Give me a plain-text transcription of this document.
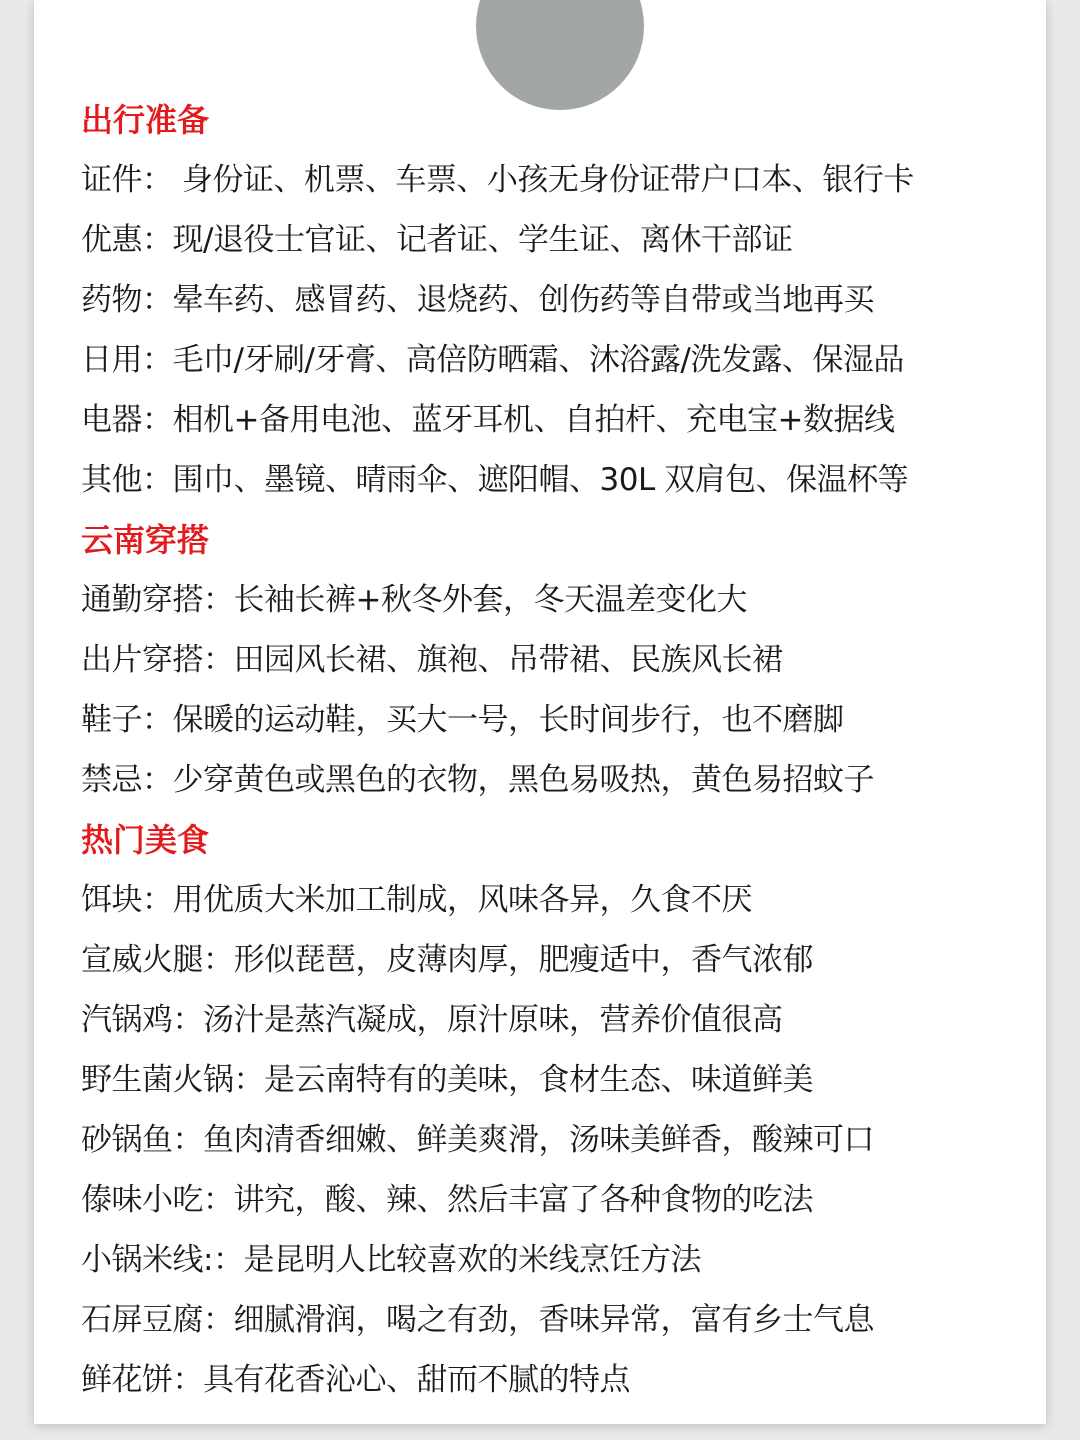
出行准备
证件： 身份证、机票、车票、小孩无身份证带户口本、银行卡
优惠：现/退役士官证、记者证、学生证、离休干部证
药物：晕车药、感冒药、退烧药、创伤药等自带或当地再买
日用：毛巾/牙刷/牙膏、高倍防晒霜、沐浴露/洗发露、保湿品
电器：相机+备用电池、蓝牙耳机、自拍杆、充电宝+数据线
其他：围巾、墨镜、晴雨伞、遮阳帽、30L 双肩包、保温杯等
云南穿搭
通勤穿搭：长袖长裤+秋冬外套，冬天温差变化大
出片穿搭：田园风长裙、旗袍、吊带裙、民族风长裙
鞋子：保暖的运动鞋，买大一号，长时间步行，也不磨脚
禁忌：少穿黄色或黑色的衣物，黑色易吸热，黄色易招蚊子
热门美食
饵块：用优质大米加工制成，风味各异，久食不厌
宣威火腿：形似琵琶，皮薄肉厚，肥瘦适中，香气浓郁
汽锅鸡：汤汁是蒸汽凝成，原汁原味，营养价值很高
野生菌火锅：是云南特有的美味，食材生态、味道鲜美
砂锅鱼：鱼肉清香细嫩、鲜美爽滑，汤味美鲜香，酸辣可口
傣味小吃：讲究，酸、辣、然后丰富了各种食物的吃法
小锅米线:：是昆明人比较喜欢的米线烹饪方法
石屏豆腐：细腻滑润，喝之有劲，香味异常，富有乡士气息
鲜花饼：具有花香沁心、甜而不腻的特点
